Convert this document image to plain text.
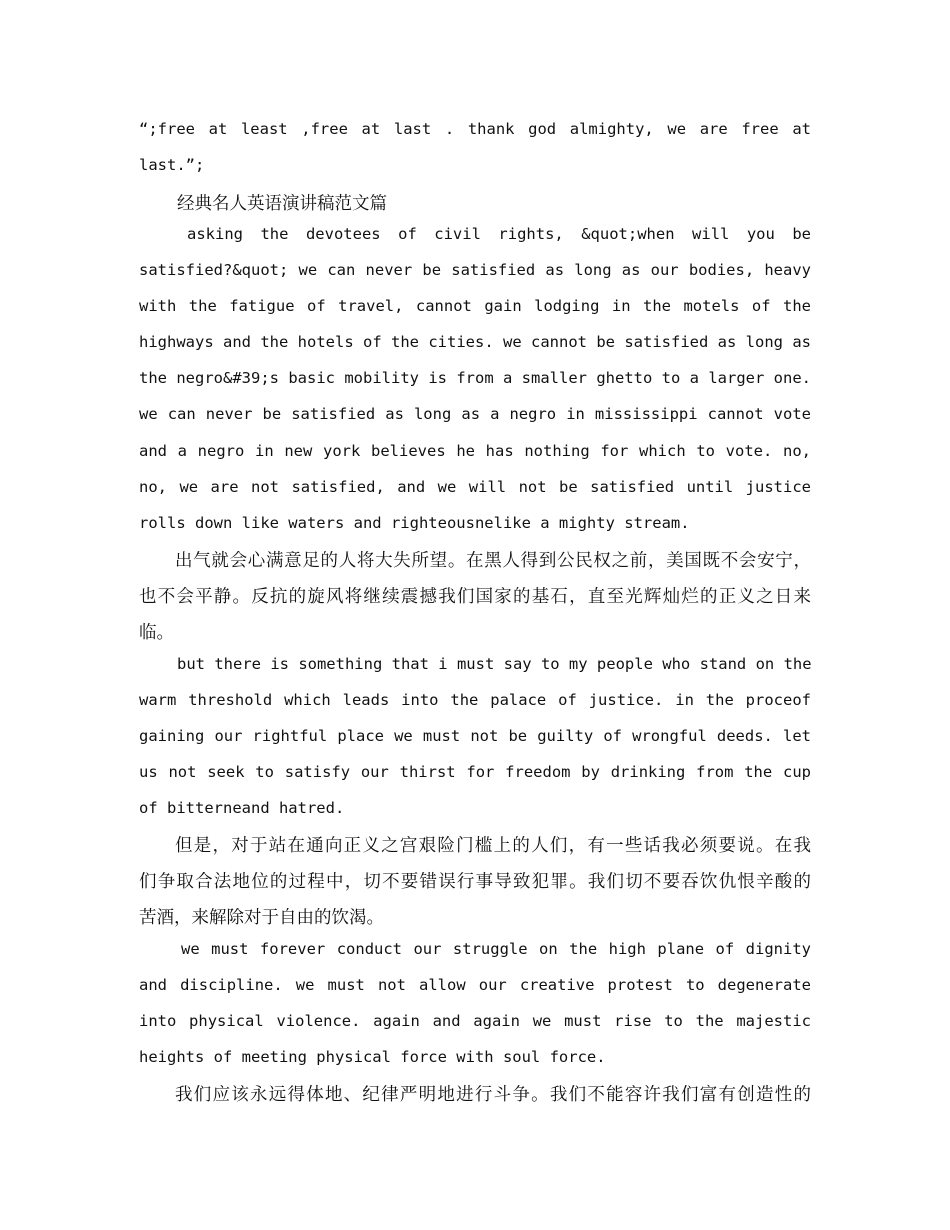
“;free at least ,free at last . thank god almighty, we are free at
last.”;
经典名人英语演讲稿范文篇
asking the devotees of civil rights, &quot;when will you be
satisfied?&quot; we can never be satisfied as long as our bodies, heavy
with the fatigue of travel, cannot gain lodging in the motels of the
highways and the hotels of the cities. we cannot be satisfied as long as
the negro&#39;s basic mobility is from a smaller ghetto to a larger one.
we can never be satisfied as long as a negro in mississippi cannot vote
and a negro in new york believes he has nothing for which to vote. no,
no, we are not satisfied, and we will not be satisfied until justice
rolls down like waters and righteousnelike a mighty stream.
出气就会心满意足的人将大失所望。在黑人得到公民权之前，美国既不会安宁，
也不会平静。反抗的旋风将继续震撼我们国家的基石，直至光辉灿烂的正义之日来
临。
but there is something that i must say to my people who stand on the
warm threshold which leads into the palace of justice. in the proceof
gaining our rightful place we must not be guilty of wrongful deeds. let
us not seek to satisfy our thirst for freedom by drinking from the cup
of bitterneand hatred.
但是，对于站在通向正义之宫艰险门槛上的人们，有一些话我必须要说。在我
们争取合法地位的过程中，切不要错误行事导致犯罪。我们切不要吞饮仇恨辛酸的
苦酒，来解除对于自由的饮渴。
we must forever conduct our struggle on the high plane of dignity
and discipline. we must not allow our creative protest to degenerate
into physical violence. again and again we must rise to the majestic
heights of meeting physical force with soul force.
我们应该永远得体地、纪律严明地进行斗争。我们不能容许我们富有创造性的
